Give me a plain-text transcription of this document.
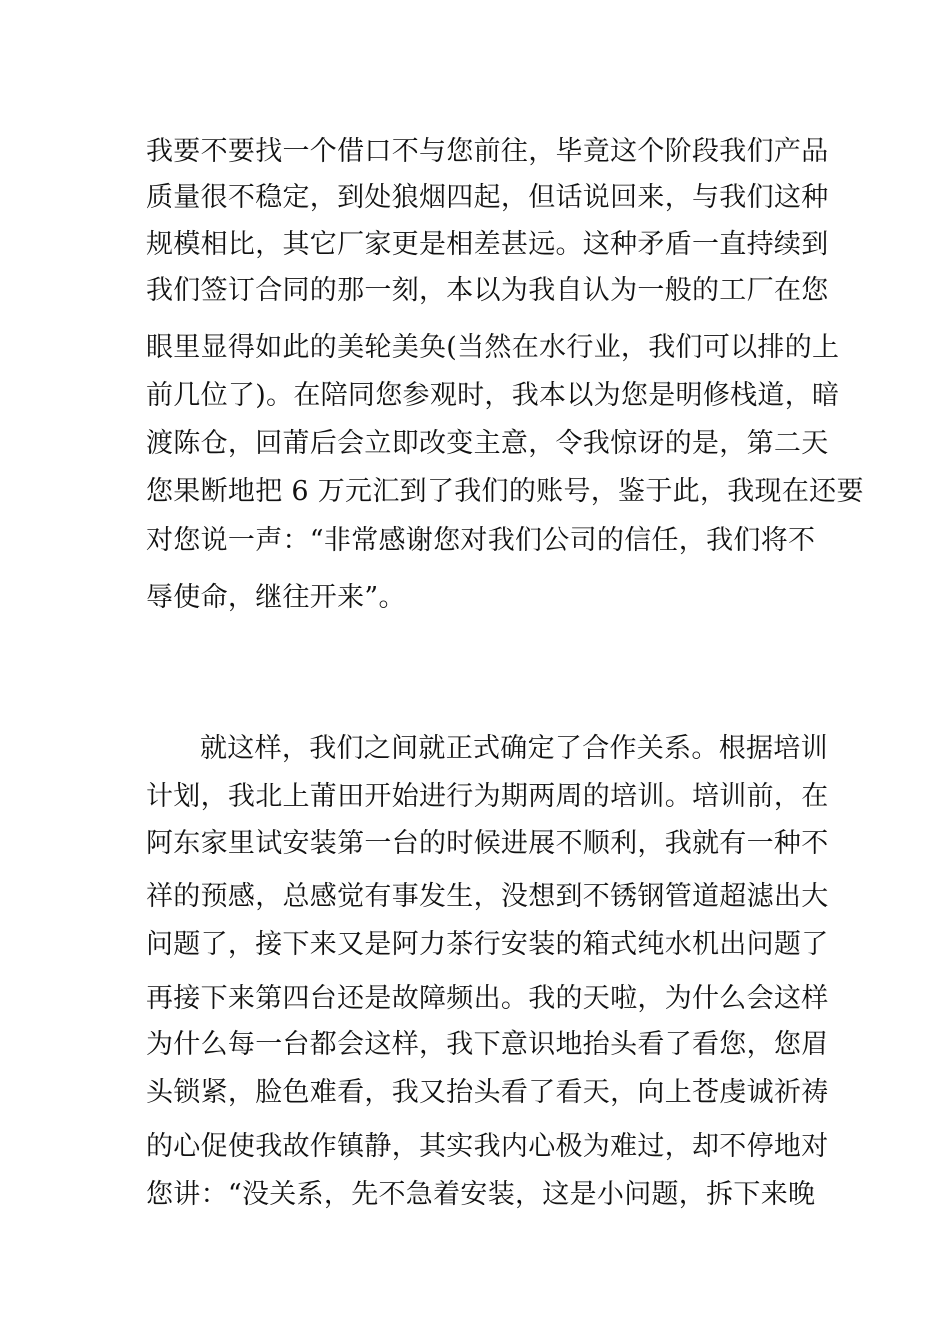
我要不要找一个借口不与您前往，毕竟这个阶段我们产品
质量很不稳定，到处狼烟四起，但话说回来，与我们这种
规模相比，其它厂家更是相差甚远。这种矛盾一直持续到
我们签订合同的那一刻，本以为我自认为一般的工厂在您
眼里显得如此的美轮美奂(当然在水行业，我们可以排的上
前几位了)。在陪同您参观时，我本以为您是明修栈道，暗
渡陈仓，回莆后会立即改变主意，令我惊讶的是，第二天
您果断地把 6 万元汇到了我们的账号，鉴于此，我现在还要
对您说一声：“非常感谢您对我们公司的信任，我们将不
辱使命，继往开来”。
就这样，我们之间就正式确定了合作关系。根据培训
计划，我北上莆田开始进行为期两周的培训。培训前，在
阿东家里试安装第一台的时候进展不顺利，我就有一种不
祥的预感，总感觉有事发生，没想到不锈钢管道超滤出大
问题了，接下来又是阿力茶行安装的箱式纯水机出问题了
再接下来第四台还是故障频出。我的天啦，为什么会这样
为什么每一台都会这样，我下意识地抬头看了看您，您眉
头锁紧，脸色难看，我又抬头看了看天，向上苍虔诚祈祷
的心促使我故作镇静，其实我内心极为难过，却不停地对
您讲：“没关系，先不急着安装，这是小问题，拆下来晚
